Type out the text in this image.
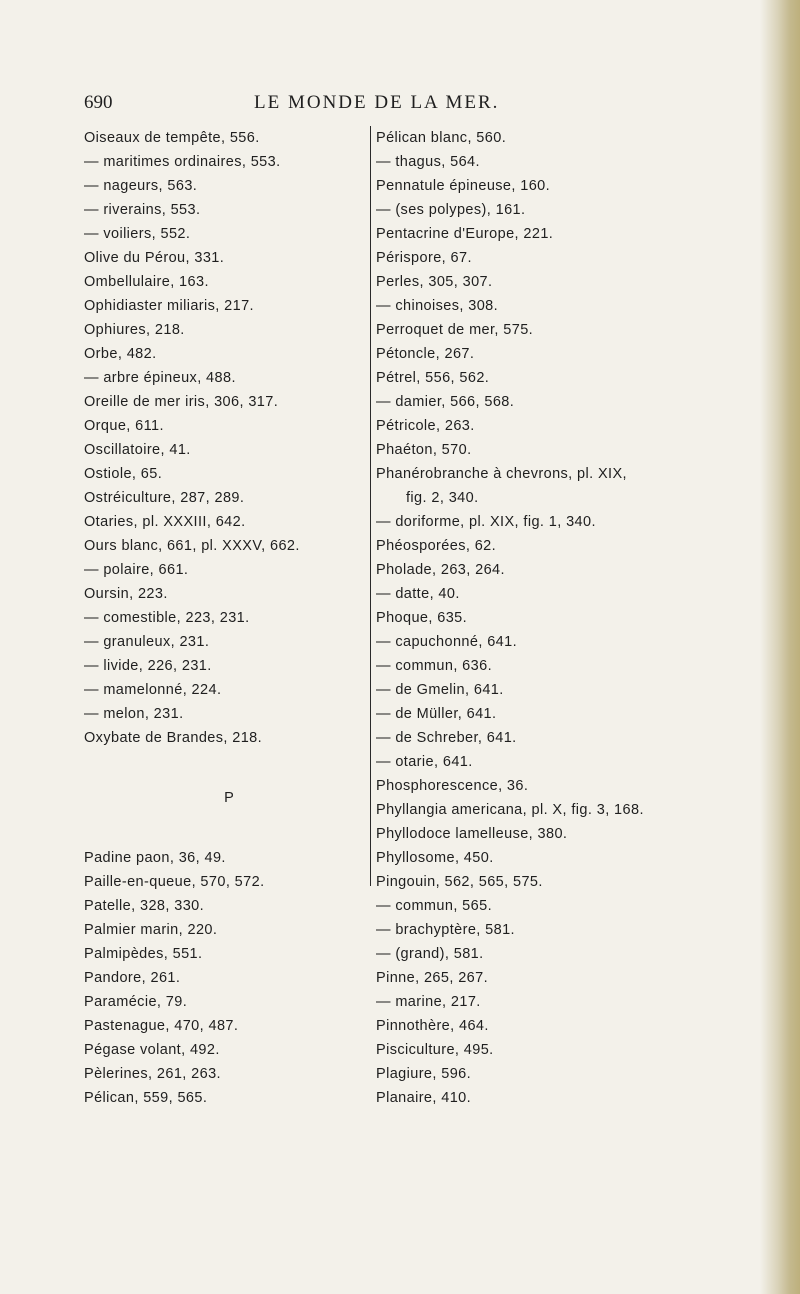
690	LE MONDE DE LA MER.
Oiseaux de tempête, 556.
— maritimes ordinaires, 553.
— nageurs, 563.
— riverains, 553.
— voiliers, 552.
Olive du Pérou, 331.
Ombellulaire, 163.
Ophidiaster miliaris, 217.
Ophiures, 218.
Orbe, 482.
— arbre épineux, 488.
Oreille de mer iris, 306, 317.
Orque, 611.
Oscillatoire, 41.
Ostiole, 65.
Ostréiculture, 287, 289.
Otaries, pl. XXXIII, 642.
Ours blanc, 661, pl. XXXV, 662.
— polaire, 661.
Oursin, 223.
— comestible, 223, 231.
— granuleux, 231.
— livide, 226, 231.
— mamelonné, 224.
— melon, 231.
Oxybate de Brandes, 218.
P
Padine paon, 36, 49.
Paille-en-queue, 570, 572.
Patelle, 328, 330.
Palmier marin, 220.
Palmipèdes, 551.
Pandore, 261.
Paramécie, 79.
Pastenague, 470, 487.
Pégase volant, 492.
Pèlerines, 261, 263.
Pélican, 559, 565.
Pélican blanc, 560.
— thagus, 564.
Pennatule épineuse, 160.
— (ses polypes), 161.
Pentacrine d'Europe, 221.
Périspore, 67.
Perles, 305, 307.
— chinoises, 308.
Perroquet de mer, 575.
Pétoncle, 267.
Pétrel, 556, 562.
— damier, 566, 568.
Pétricole, 263.
Phaéton, 570.
Phanérobranche à chevrons, pl. XIX,
fig. 2, 340.
— doriforme, pl. XIX, fig. 1, 340.
Phéosporées, 62.
Pholade, 263, 264.
— datte, 40.
Phoque, 635.
— capuchonné, 641.
— commun, 636.
— de Gmelin, 641.
— de Müller, 641.
— de Schreber, 641.
— otarie, 641.
Phosphorescence, 36.
Phyllangia americana, pl. X, fig. 3, 168.
Phyllodoce lamelleuse, 380.
Phyllosome, 450.
Pingouin, 562, 565, 575.
— commun, 565.
— brachyptère, 581.
— (grand), 581.
Pinne, 265, 267.
— marine, 217.
Pinnothère, 464.
Pisciculture, 495.
Plagiure, 596.
Planaire, 410.
